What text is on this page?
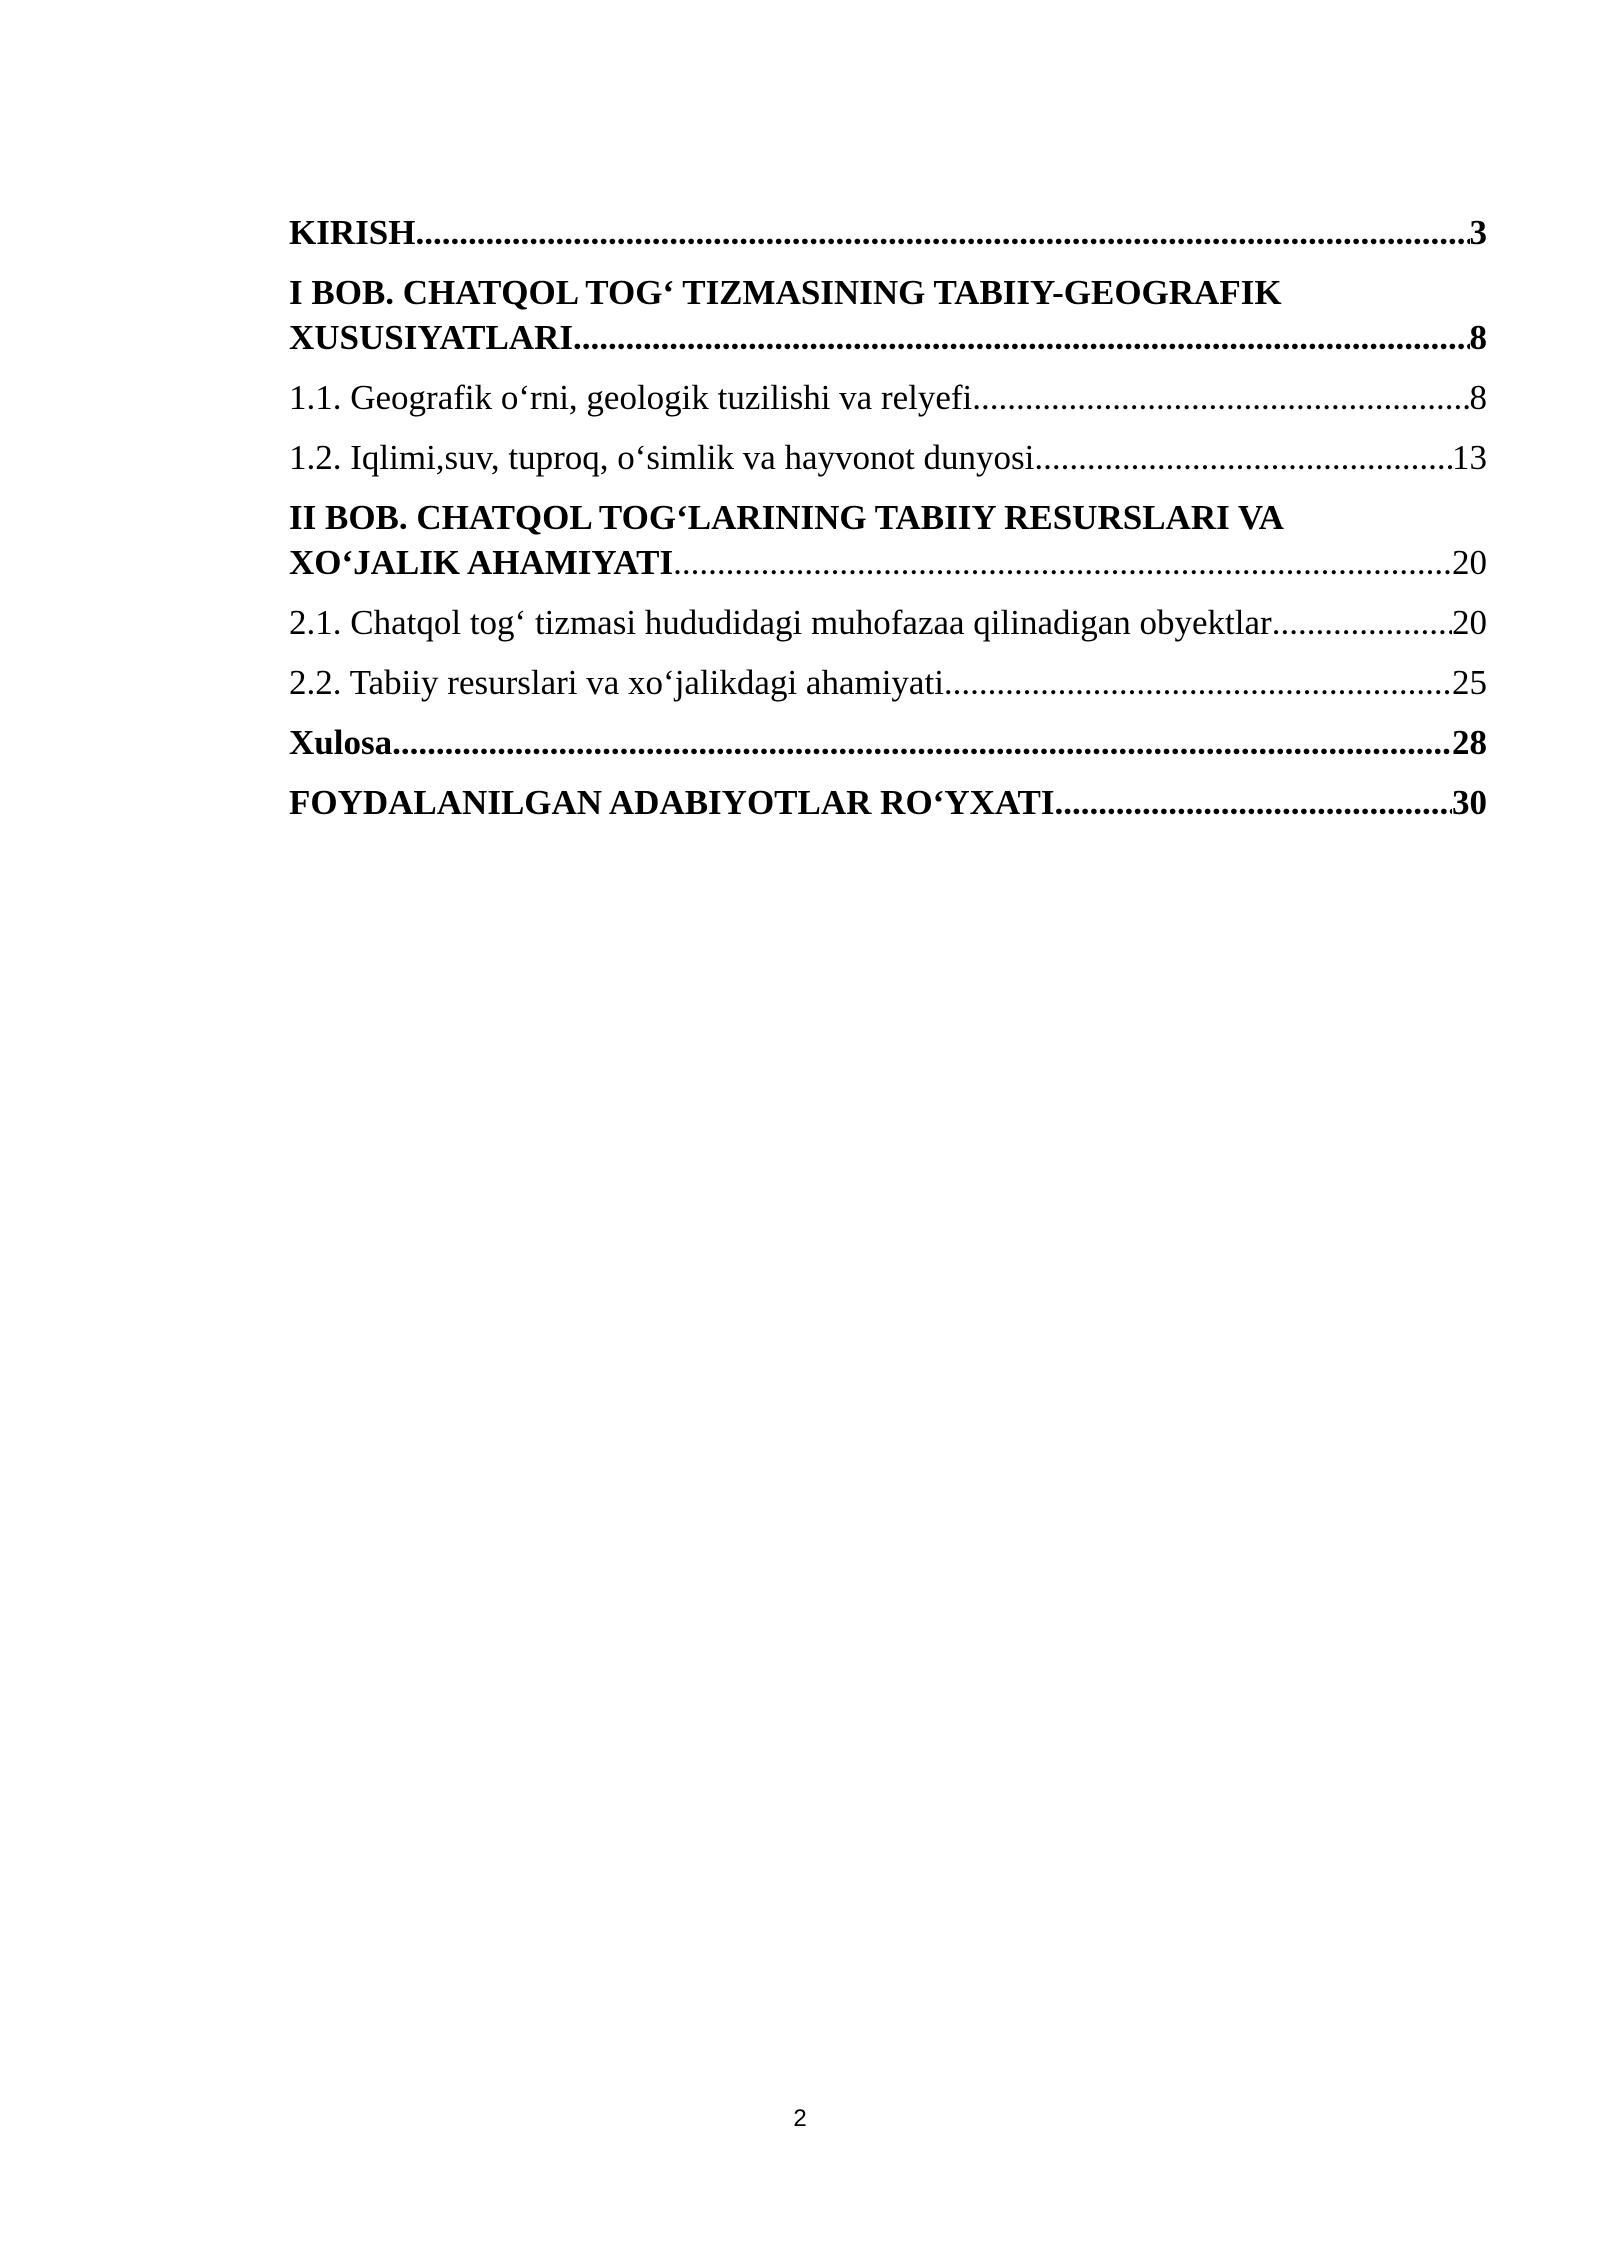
KIRISH .....	3
I BOB. CHATQOL TOG‘ TIZMASINING TABIIY-GEOGRAFIK
XUSUSIYATLARI .....	8
1.1. Geografik o‘rni, geologik tuzilishi va relyefi .....	8
1.2. Iqlimi,suv, tuproq, o‘simlik va hayvonot dunyosi .....	13
II BOB. CHATQOL TOG‘LARINING TABIIY RESURSLARI VA
XO‘JALIK AHAMIYATI .....	20
2.1. Chatqol tog‘ tizmasi hududidagi muhofazaa qilinadigan obyektlar .....	20
2.2. Tabiiy resurslari va xo‘jalikdagi ahamiyati .....	25
Xulosa .....	28
FOYDALANILGAN ADABIYOTLAR RO‘YXATI .....	30
2
